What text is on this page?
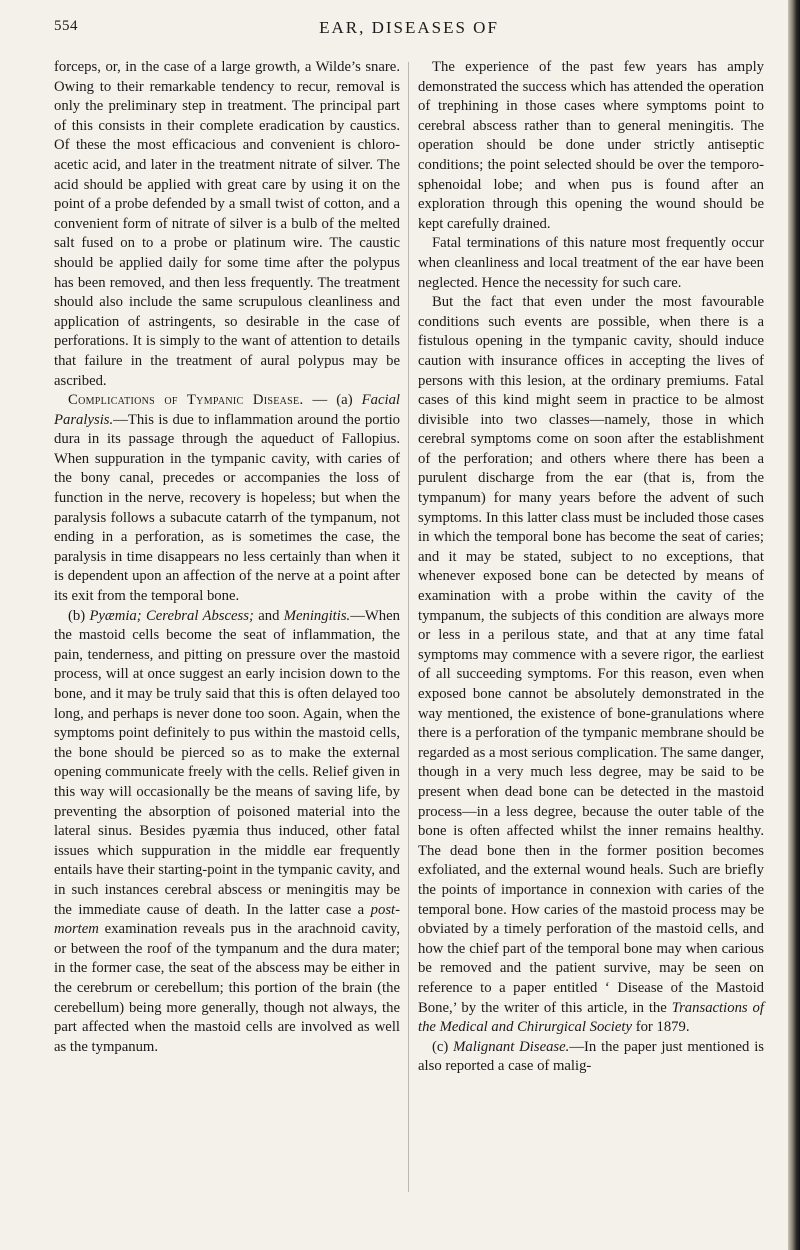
554	EAR, DISEASES OF

forceps, or, in the case of a large growth, a Wilde’s snare. Owing to their remarkable tendency to recur, removal is only the preliminary step in treatment. The principal part of this consists in their complete eradication by caustics. Of these the most efficacious and convenient is chloro-acetic acid, and later in the treatment nitrate of silver. The acid should be applied with great care by using it on the point of a probe defended by a small twist of cotton, and a convenient form of nitrate of silver is a bulb of the melted salt fused on to a probe or platinum wire. The caustic should be applied daily for some time after the polypus has been removed, and then less frequently. The treatment should also include the same scrupulous cleanliness and application of astringents, so desirable in the case of perforations. It is simply to the want of attention to details that failure in the treatment of aural polypus may be ascribed.

Complications of Tympanic Disease. — (a) Facial Paralysis.—This is due to inflammation around the portio dura in its passage through the aqueduct of Fallopius. When suppuration in the tympanic cavity, with caries of the bony canal, precedes or accompanies the loss of function in the nerve, recovery is hopeless; but when the paralysis follows a subacute catarrh of the tympanum, not ending in a perforation, as is sometimes the case, the paralysis in time disappears no less certainly than when it is dependent upon an affection of the nerve at a point after its exit from the temporal bone.

(b) Pyæmia; Cerebral Abscess; and Meningitis.—When the mastoid cells become the seat of inflammation, the pain, tenderness, and pitting on pressure over the mastoid process, will at once suggest an early incision down to the bone, and it may be truly said that this is often delayed too long, and perhaps is never done too soon. Again, when the symptoms point definitely to pus within the mastoid cells, the bone should be pierced so as to make the external opening communicate freely with the cells. Relief given in this way will occasionally be the means of saving life, by preventing the absorption of poisoned material into the lateral sinus. Besides pyæmia thus induced, other fatal issues which suppuration in the middle ear frequently entails have their starting-point in the tympanic cavity, and in such instances cerebral abscess or meningitis may be the immediate cause of death. In the latter case a post-mortem examination reveals pus in the arachnoid cavity, or between the roof of the tympanum and the dura mater; in the former case, the seat of the abscess may be either in the cerebrum or cerebellum; this portion of the brain (the cerebellum) being more generally, though not always, the part affected when the mastoid cells are involved as well as the tympanum.

The experience of the past few years has amply demonstrated the success which has attended the operation of trephining in those cases where symptoms point to cerebral abscess rather than to general meningitis. The operation should be done under strictly antiseptic conditions; the point selected should be over the temporo-sphenoidal lobe; and when pus is found after an exploration through this opening the wound should be kept carefully drained.

Fatal terminations of this nature most frequently occur when cleanliness and local treatment of the ear have been neglected. Hence the necessity for such care.

But the fact that even under the most favourable conditions such events are possible, when there is a fistulous opening in the tympanic cavity, should induce caution with insurance offices in accepting the lives of persons with this lesion, at the ordinary premiums. Fatal cases of this kind might seem in practice to be almost divisible into two classes—namely, those in which cerebral symptoms come on soon after the establishment of the perforation; and others where there has been a purulent discharge from the ear (that is, from the tympanum) for many years before the advent of such symptoms. In this latter class must be included those cases in which the temporal bone has become the seat of caries; and it may be stated, subject to no exceptions, that whenever exposed bone can be detected by means of examination with a probe within the cavity of the tympanum, the subjects of this condition are always more or less in a perilous state, and that at any time fatal symptoms may commence with a severe rigor, the earliest of all succeeding symptoms. For this reason, even when exposed bone cannot be absolutely demonstrated in the way mentioned, the existence of bone-granulations where there is a perforation of the tympanic membrane should be regarded as a most serious complication. The same danger, though in a very much less degree, may be said to be present when dead bone can be detected in the mastoid process—in a less degree, because the outer table of the bone is often affected whilst the inner remains healthy. The dead bone then in the former position becomes exfoliated, and the external wound heals. Such are briefly the points of importance in connexion with caries of the temporal bone. How caries of the mastoid process may be obviated by a timely perforation of the mastoid cells, and how the chief part of the temporal bone may when carious be removed and the patient survive, may be seen on reference to a paper entitled ‘ Disease of the Mastoid Bone,’ by the writer of this article, in the Transactions of the Medical and Chirurgical Society for 1879.

(c) Malignant Disease.—In the paper just mentioned is also reported a case of malig-
